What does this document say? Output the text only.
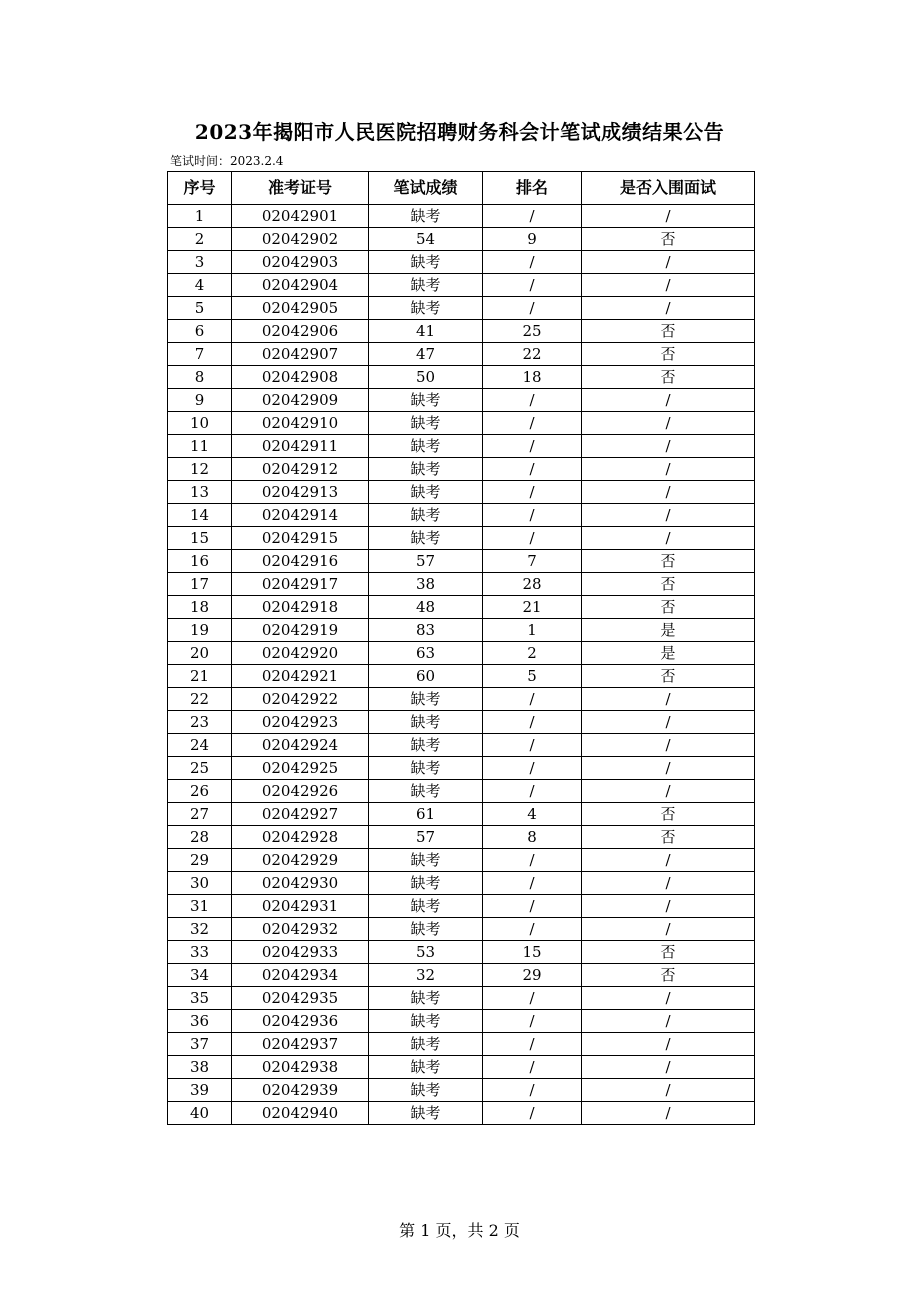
2023年揭阳市人民医院招聘财务科会计笔试成绩结果公告
笔试时间：2023.2.4
序号	准考证号	笔试成绩	排名	是否入围面试
1	02042901	缺考	/	/
2	02042902	54	9	否
3	02042903	缺考	/	/
4	02042904	缺考	/	/
5	02042905	缺考	/	/
6	02042906	41	25	否
7	02042907	47	22	否
8	02042908	50	18	否
9	02042909	缺考	/	/
10	02042910	缺考	/	/
11	02042911	缺考	/	/
12	02042912	缺考	/	/
13	02042913	缺考	/	/
14	02042914	缺考	/	/
15	02042915	缺考	/	/
16	02042916	57	7	否
17	02042917	38	28	否
18	02042918	48	21	否
19	02042919	83	1	是
20	02042920	63	2	是
21	02042921	60	5	否
22	02042922	缺考	/	/
23	02042923	缺考	/	/
24	02042924	缺考	/	/
25	02042925	缺考	/	/
26	02042926	缺考	/	/
27	02042927	61	4	否
28	02042928	57	8	否
29	02042929	缺考	/	/
30	02042930	缺考	/	/
31	02042931	缺考	/	/
32	02042932	缺考	/	/
33	02042933	53	15	否
34	02042934	32	29	否
35	02042935	缺考	/	/
36	02042936	缺考	/	/
37	02042937	缺考	/	/
38	02042938	缺考	/	/
39	02042939	缺考	/	/
40	02042940	缺考	/	/
第 1 页，共 2 页
